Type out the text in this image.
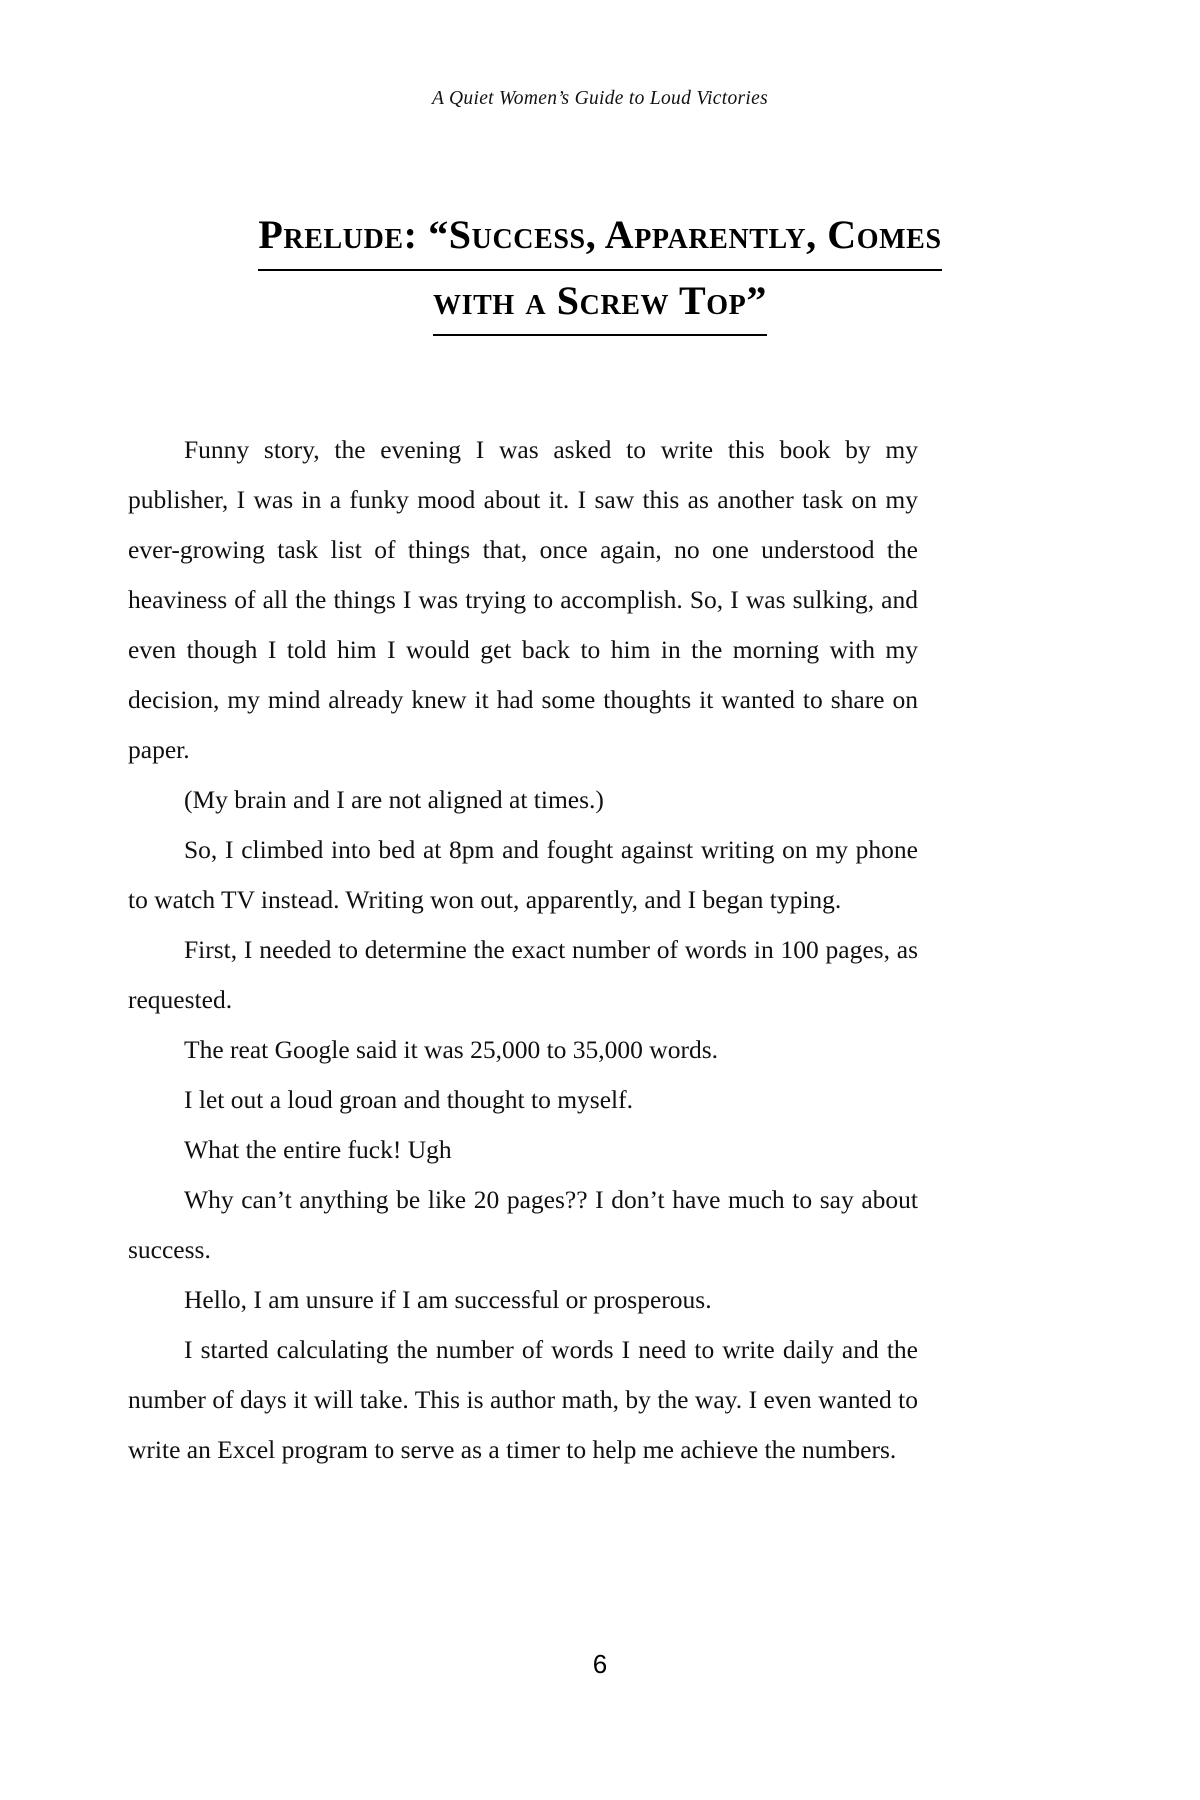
A Quiet Women’s Guide to Loud Victories
Prelude: “Success, Apparently, Comes
with a Screw Top”

Funny story, the evening I was asked to write this book by my publisher, I was in a funky mood about it. I saw this as another task on my ever-growing task list of things that, once again, no one understood the heaviness of all the things I was trying to accomplish. So, I was sulking, and even though I told him I would get back to him in the morning with my decision, my mind already knew it had some thoughts it wanted to share on paper.

(My brain and I are not aligned at times.)

So, I climbed into bed at 8pm and fought against writing on my phone to watch TV instead. Writing won out, apparently, and I began typing.

First, I needed to determine the exact number of words in 100 pages, as requested.

The reat Google said it was 25,000 to 35,000 words.

I let out a loud groan and thought to myself.

What the entire fuck! Ugh

Why can’t anything be like 20 pages?? I don’t have much to say about success.

Hello, I am unsure if I am successful or prosperous.

I started calculating the number of words I need to write daily and the number of days it will take. This is author math, by the way. I even wanted to write an Excel program to serve as a timer to help me achieve the numbers.

6
